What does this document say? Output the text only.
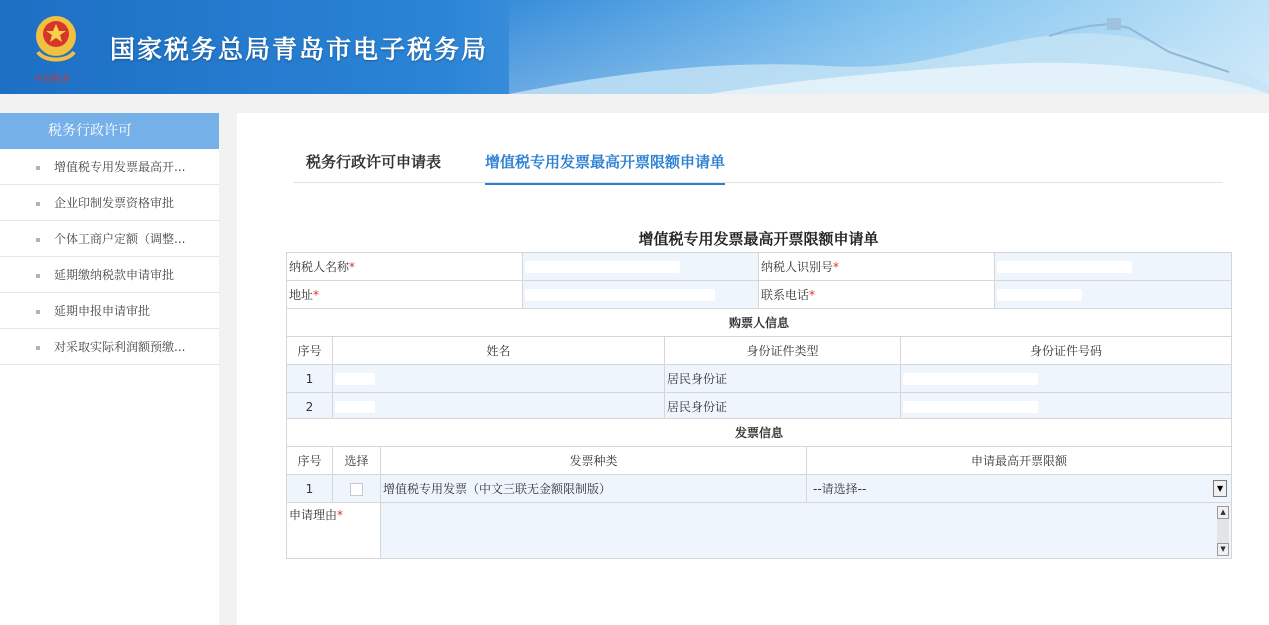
中国税务
国家税务总局青岛市电子税务局
税务行政许可
增值税专用发票最高开...
企业印制发票资格审批
个体工商户定额（调整...
延期缴纳税款申请审批
延期申报申请审批
对采取实际利润额预缴...
税务行政许可申请表	增值税专用发票最高开票限额申请单
增值税专用发票最高开票限额申请单
纳税人名称*		纳税人识别号*	
地址*		联系电话*	
购票人信息			
序号	姓名	身份证件类型	身份证件号码
1		居民身份证	
2		居民身份证	
发票信息			
序号	选择	发票种类	申请最高开票限额
1		增值税专用发票（中文三联无金额限制版）	--请选择-- ▼

申请理由*		▲
▼	
